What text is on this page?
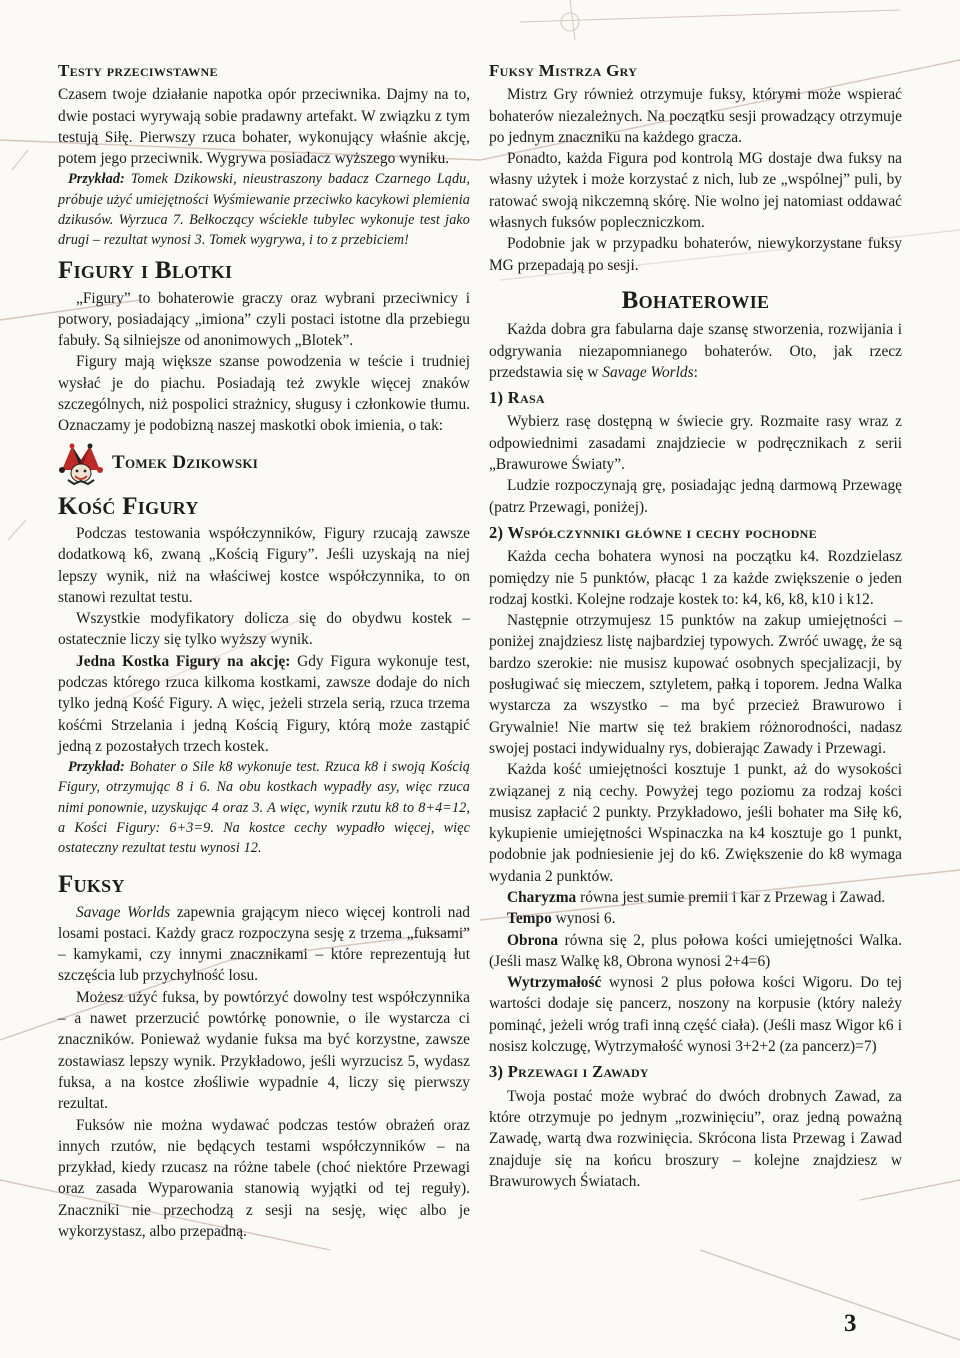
Testy przeciwstawne

Czasem twoje działanie napotka opór przeciwnika. Dajmy na to, dwie postaci wyrywają sobie pradawny artefakt. W związku z tym testują Siłę. Pierwszy rzuca bohater, wykonujący właśnie akcję, potem jego przeciwnik. Wygrywa posiadacz wyższego wyniku.

Przykład: Tomek Dzikowski, nieustraszony badacz Czarnego Lądu, próbuje użyć umiejętności Wyśmiewanie przeciwko kacykowi plemienia dzikusów. Wyrzuca 7. Bełkoczący wściekle tubylec wykonuje test jako drugi – rezultat wynosi 3. Tomek wygrywa, i to z przebiciem!

Figury i Blotki

„Figury” to bohaterowie graczy oraz wybrani przeciwnicy i potwory, posiadający „imiona” czyli postaci istotne dla przebiegu fabuły. Są silniejsze od anonimowych „Blotek”.

Figury mają większe szanse powodzenia w teście i trudniej wysłać je do piachu. Posiadają też zwykle więcej znaków szczególnych, niż pospolici strażnicy, sługusy i członkowie tłumu. Oznaczamy je podobizną naszej maskotki obok imienia, o tak:

Tomek Dzikowski
Kość Figury

Podczas testowania współczynników, Figury rzucają zawsze dodatkową k6, zwaną „Kością Figury”. Jeśli uzyskają na niej lepszy wynik, niż na właściwej kostce współczynnika, to on stanowi rezultat testu.

Wszystkie modyfikatory dolicza się do obydwu kostek – ostatecznie liczy się tylko wyższy wynik.

Jedna Kostka Figury na akcję: Gdy Figura wykonuje test, podczas którego rzuca kilkoma kostkami, zawsze dodaje do nich tylko jedną Kość Figury. A więc, jeżeli strzela serią, rzuca trzema kośćmi Strzelania i jedną Kością Figury, którą może zastąpić jedną z pozostałych trzech kostek.

Przykład: Bohater o Sile k8 wykonuje test. Rzuca k8 i swoją Kością Figury, otrzymując 8 i 6. Na obu kostkach wypadły asy, więc rzuca nimi ponownie, uzyskując 4 oraz 3. A więc, wynik rzutu k8 to 8+4=12, a Kości Figury: 6+3=9. Na kostce cechy wypadło więcej, więc ostateczny rezultat testu wynosi 12.

Fuksy

Savage Worlds zapewnia grającym nieco więcej kontroli nad losami postaci. Każdy gracz rozpoczyna sesję z trzema „fuksami” – kamykami, czy innymi znacznikami – które reprezentują łut szczęścia lub przychylność losu.

Możesz użyć fuksa, by powtórzyć dowolny test współczynnika – a nawet przerzucić powtórkę ponownie, o ile wystarcza ci znaczników. Ponieważ wydanie fuksa ma być korzystne, zawsze zostawiasz lepszy wynik. Przykładowo, jeśli wyrzucisz 5, wydasz fuksa, a na kostce złośliwie wypadnie 4, liczy się pierwszy rezultat.

Fuksów nie można wydawać podczas testów obrażeń oraz innych rzutów, nie będących testami współczynników – na przykład, kiedy rzucasz na różne tabele (choć niektóre Przewagi oraz zasada Wyparowania stanowią wyjątki od tej reguły). Znaczniki nie przechodzą z sesji na sesję, więc albo je wykorzystasz, albo przepadną.

Fuksy Mistrza Gry

Mistrz Gry również otrzymuje fuksy, którymi może wspierać bohaterów niezależnych. Na początku sesji prowadzący otrzymuje po jednym znaczniku na każdego gracza.

Ponadto, każda Figura pod kontrolą MG dostaje dwa fuksy na własny użytek i może korzystać z nich, lub ze „wspólnej” puli, by ratować swoją nikczemną skórę. Nie wolno jej natomiast oddawać własnych fuksów popleczniczkom.

Podobnie jak w przypadku bohaterów, niewykorzystane fuksy MG przepadają po sesji.

Bohaterowie

Każda dobra gra fabularna daje szansę stworzenia, rozwijania i odgrywania niezapomnianego bohaterów. Oto, jak rzecz przedstawia się w Savage Worlds:

1) Rasa

Wybierz rasę dostępną w świecie gry. Rozmaite rasy wraz z odpowiednimi zasadami znajdziecie w podręcznikach z serii „Brawurowe Światy”.

Ludzie rozpoczynają grę, posiadając jedną darmową Przewagę (patrz Przewagi, poniżej).

2) Współczynniki główne i cechy pochodne

Każda cecha bohatera wynosi na początku k4. Rozdzielasz pomiędzy nie 5 punktów, płacąc 1 za każde zwiększenie o jeden rodzaj kostki. Kolejne rodzaje kostek to: k4, k6, k8, k10 i k12.

Następnie otrzymujesz 15 punktów na zakup umiejętności – poniżej znajdziesz listę najbardziej typowych. Zwróć uwagę, że są bardzo szerokie: nie musisz kupować osobnych specjalizacji, by posługiwać się mieczem, sztyletem, pałką i toporem. Jedna Walka wystarcza za wszystko – ma być przecież Brawurowo i Grywalnie! Nie martw się też brakiem różnorodności, nadasz swojej postaci indywidualny rys, dobierając Zawady i Przewagi.

Każda kość umiejętności kosztuje 1 punkt, aż do wysokości związanej z nią cechy. Powyżej tego poziomu za rodzaj kości musisz zapłacić 2 punkty. Przykładowo, jeśli bohater ma Siłę k6, kykupienie umiejętności Wspinaczka na k4 kosztuje go 1 punkt, podobnie jak podniesienie jej do k6. Zwiększenie do k8 wymaga wydania 2 punktów.

Charyzma równa jest sumie premii i kar z Przewag i Zawad.

Tempo wynosi 6.

Obrona równa się 2, plus połowa kości umiejętności Walka. (Jeśli masz Walkę k8, Obrona wynosi 2+4=6)

Wytrzymałość wynosi 2 plus połowa kości Wigoru. Do tej wartości dodaje się pancerz, noszony na korpusie (który należy pominąć, jeżeli wróg trafi inną część ciała). (Jeśli masz Wigor k6 i nosisz kolczugę, Wytrzymałość wynosi 3+2+2 (za pancerz)=7)

3) Przewagi i Zawady

Twoja postać może wybrać do dwóch drobnych Zawad, za które otrzymuje po jednym „rozwinięciu”, oraz jedną poważną Zawadę, wartą dwa rozwinięcia. Skrócona lista Przewag i Zawad znajduje się na końcu broszury – kolejne znajdziesz w Brawurowych Światach.

3
